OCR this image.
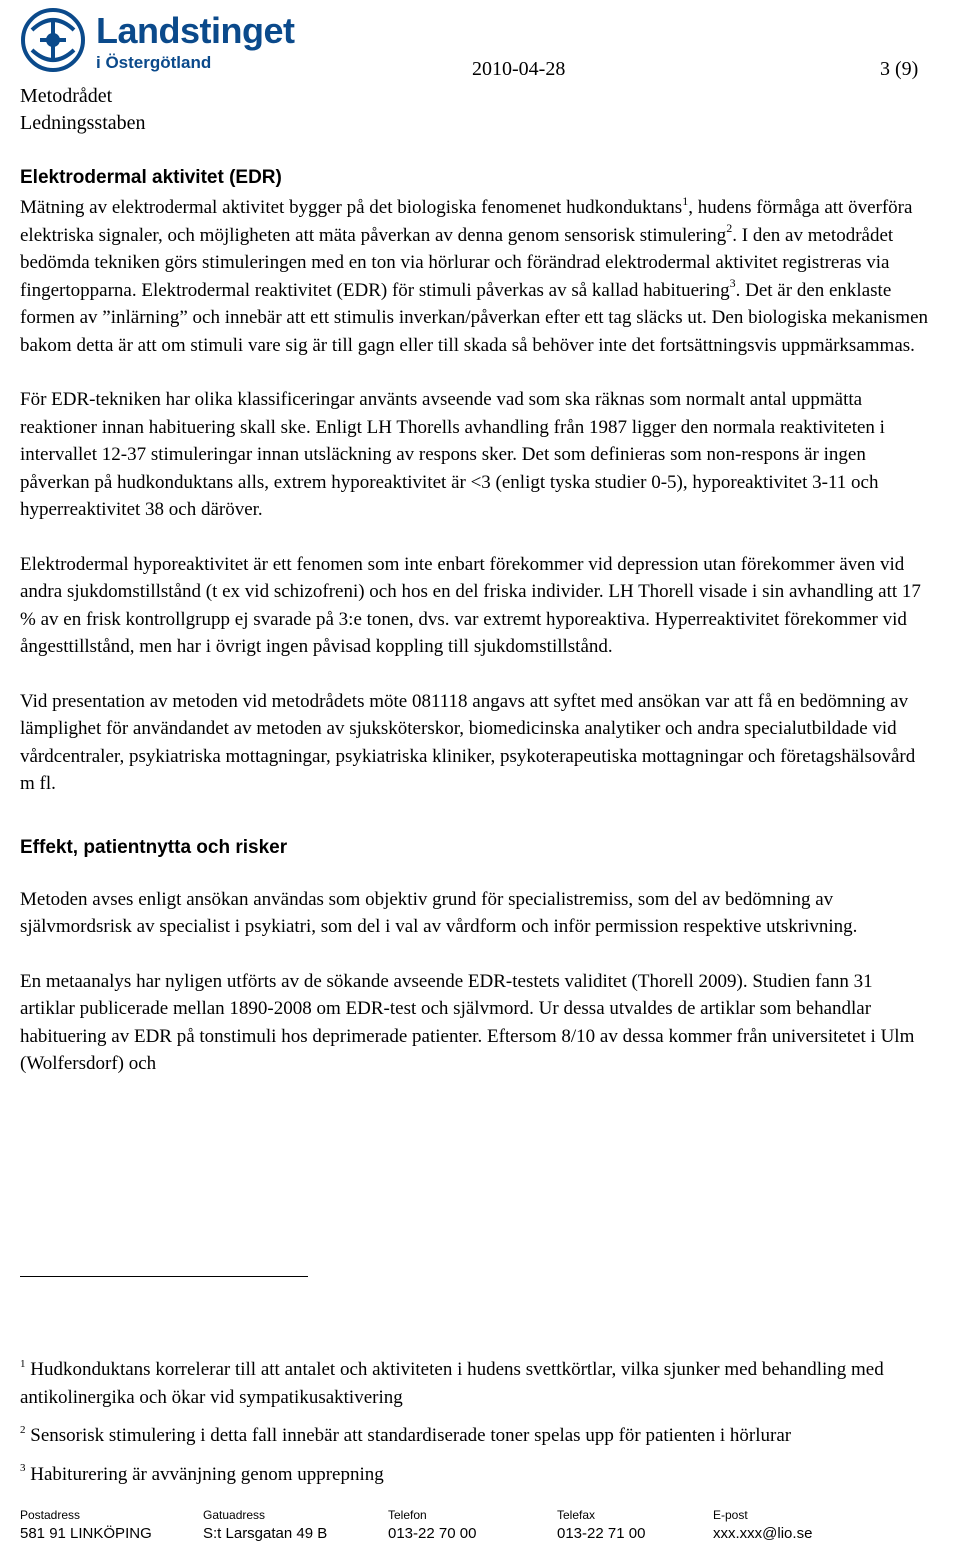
Landstinget
i Östergötland	2010-04-28	3 (9)
Metodrådet
Ledningsstaben
Elektrodermal aktivitet (EDR)

Mätning av elektrodermal aktivitet bygger på det biologiska fenomenet hudkonduktans$^1$, hudens förmåga att överföra elektriska signaler, och möjligheten att mäta påverkan av denna genom sensorisk stimulering$^2$. I den av metodrådet bedömda tekniken görs stimuleringen med en ton via hörlurar och förändrad elektrodermal aktivitet registreras via fingertopparna. Elektrodermal reaktivitet (EDR) för stimuli påverkas av så kallad habituering$^3$. Det är den enklaste formen av ”inlärning” och innebär att ett stimulis inverkan/påverkan efter ett tag släcks ut. Den biologiska mekanismen bakom detta är att om stimuli vare sig är till gagn eller till skada så behöver inte det fortsättningsvis uppmärksammas.

För EDR-tekniken har olika klassificeringar använts avseende vad som ska räknas som normalt antal uppmätta reaktioner innan habituering skall ske. Enligt LH Thorells avhandling från 1987 ligger den normala reaktiviteten i intervallet 12-37 stimuleringar innan utsläckning av respons sker. Det som definieras som non-respons är ingen påverkan på hudkonduktans alls, extrem hyporeaktivitet är <3 (enligt tyska studier 0-5), hyporeaktivitet 3-11 och hyperreaktivitet 38 och däröver.

Elektrodermal hyporeaktivitet är ett fenomen som inte enbart förekommer vid depression utan förekommer även vid andra sjukdomstillstånd (t ex vid schizofreni) och hos en del friska individer. LH Thorell visade i sin avhandling att 17 % av en frisk kontrollgrupp ej svarade på 3:e tonen, dvs. var extremt hyporeaktiva. Hyperreaktivitet förekommer vid ångesttillstånd, men har i övrigt ingen påvisad koppling till sjukdomstillstånd.

Vid presentation av metoden vid metodrådets möte 081118 angavs att syftet med ansökan var att få en bedömning av lämplighet för användandet av metoden av sjuksköterskor, biomedicinska analytiker och andra specialutbildade vid vårdcentraler, psykiatriska mottagningar, psykiatriska kliniker, psykoterapeutiska mottagningar och företagshälsovård m fl.

Effekt, patientnytta och risker

Metoden avses enligt ansökan användas som objektiv grund för specialistremiss, som del av bedömning av självmordsrisk av specialist i psykiatri, som del i val av vårdform och inför permission respektive utskrivning.

En metaanalys har nyligen utförts av de sökande avseende EDR-testets validitet (Thorell 2009). Studien fann 31 artiklar publicerade mellan 1890-2008 om EDR-test och självmord. Ur dessa utvaldes de artiklar som behandlar habituering av EDR på tonstimuli hos deprimerade patienter. Eftersom 8/10 av dessa kommer från universitetet i Ulm (Wolfersdorf) och

$^1$ Hudkonduktans korrelerar till att antalet och aktiviteten i hudens svettkörtlar, vilka sjunker med behandling med antikolinergika och ökar vid sympatikusaktivering

$^2$ Sensorisk stimulering i detta fall innebär att standardiserade toner spelas upp för patienten i hörlurar

$^3$ Habiturering är avvänjning genom upprepning

Postadress
581 91 LINKÖPING
Gatuadress
S:t Larsgatan 49 B
Telefon
013-22 70 00
Telefax
013-22 71 00
E-post
xxx.xxx@lio.se
